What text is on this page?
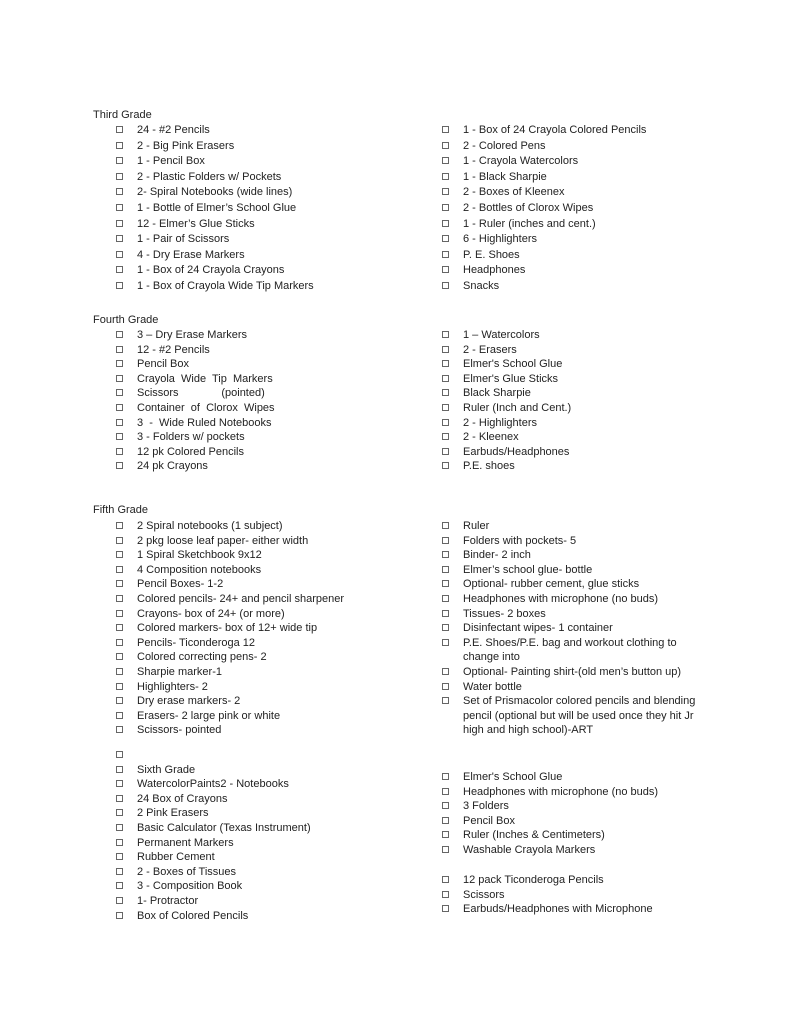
Third Grade
24 - #2 Pencils
2 - Big Pink Erasers
1 - Pencil Box
2 - Plastic Folders w/ Pockets
2- Spiral Notebooks (wide lines)
1 - Bottle of Elmer’s School Glue
12 - Elmer’s Glue Sticks
1 - Pair of Scissors
4 - Dry Erase Markers
1 - Box of 24 Crayola Crayons
1 - Box of Crayola Wide Tip Markers
1 - Box of 24 Crayola Colored Pencils
2 - Colored Pens
1 - Crayola Watercolors
1 - Black Sharpie
2 - Boxes of Kleenex
2 - Bottles of Clorox Wipes
1 - Ruler (inches and cent.)
6 - Highlighters
P. E. Shoes
Headphones
Snacks
Fourth Grade
3 – Dry Erase Markers
12 - #2 Pencils
Pencil Box
Crayola  Wide  Tip  Markers
Scissors              (pointed)
Container  of  Clorox  Wipes
3  -  Wide Ruled Notebooks
3 - Folders w/ pockets
12 pk Colored Pencils
24 pk Crayons
1 – Watercolors
2 - Erasers
Elmer's School Glue
Elmer's Glue Sticks
Black Sharpie
Ruler (Inch and Cent.)
2 - Highlighters
2 - Kleenex
Earbuds/Headphones
P.E. shoes
Fifth Grade
2 Spiral notebooks (1 subject)
2 pkg loose leaf paper- either width
1 Spiral Sketchbook 9x12
4 Composition notebooks
Pencil Boxes- 1-2
Colored pencils- 24+ and pencil sharpener
Crayons- box of 24+ (or more)
Colored markers- box of 12+ wide tip
Pencils- Ticonderoga 12
Colored correcting pens- 2
Sharpie marker-1
Highlighters- 2
Dry erase markers- 2
Erasers- 2 large pink or white
Scissors- pointed
Ruler
Folders with pockets- 5
Binder- 2 inch
Elmer’s school glue- bottle
Optional- rubber cement, glue sticks
Headphones with microphone (no buds)
Tissues- 2 boxes
Disinfectant wipes- 1 container
P.E. Shoes/P.E. bag and workout clothing to change into
Optional- Painting shirt-(old men’s button up)
Water bottle
Set of Prismacolor colored pencils and blending pencil (optional but will be used once they hit Jr high and high school)-ART
Sixth Grade
WatercolorPaints2 - Notebooks
24 Box of Crayons
2 Pink Erasers
Basic Calculator (Texas Instrument)
Permanent Markers
Rubber Cement
2 - Boxes of Tissues
3 - Composition Book
1- Protractor
Box of Colored Pencils
Elmer's School Glue
Headphones with microphone (no buds)
3 Folders
Pencil Box
Ruler (Inches & Centimeters)
Washable Crayola Markers
12 pack Ticonderoga Pencils
Scissors
Earbuds/Headphones with Microphone
